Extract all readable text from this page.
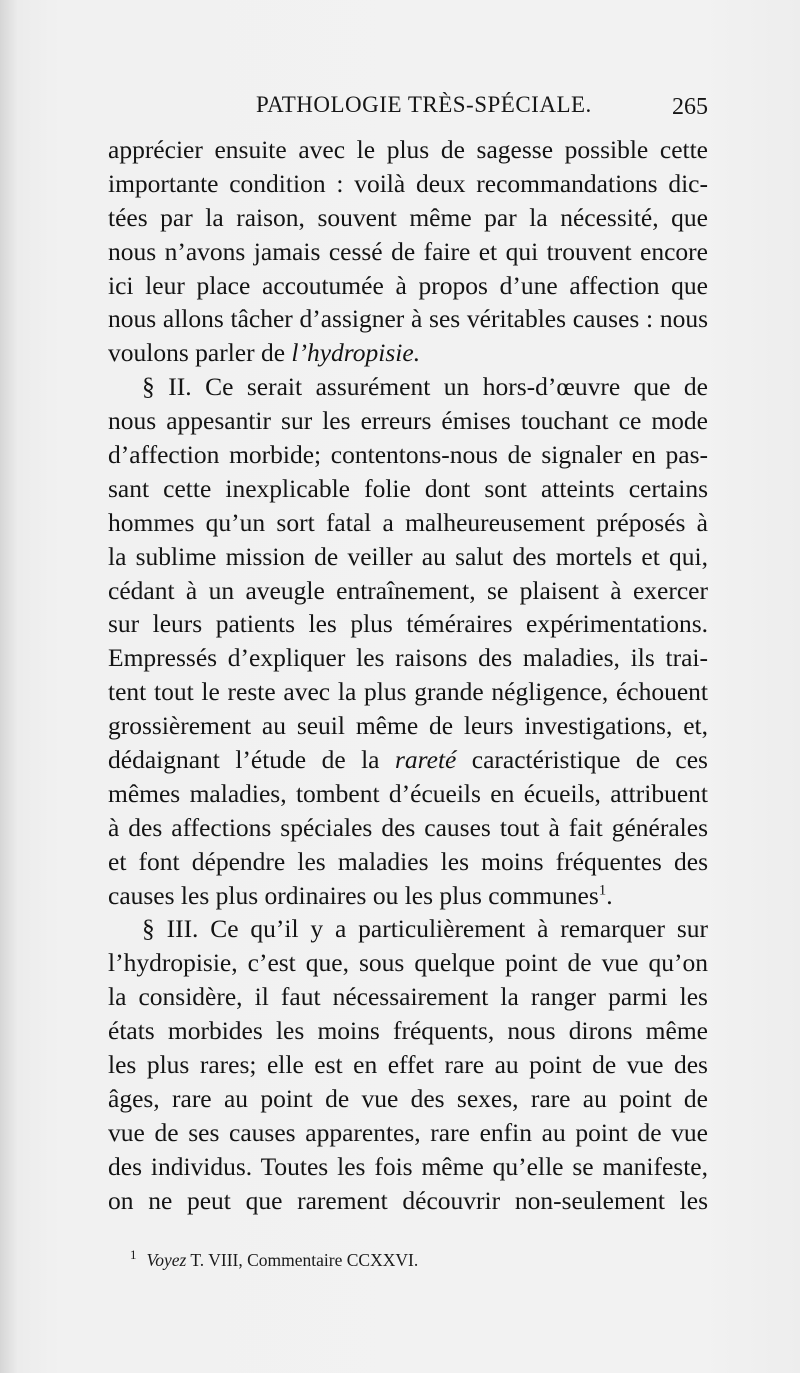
PATHOLOGIE TRÈS-SPÉCIALE.	265
apprécier ensuite avec le plus de sagesse possible cette
importante condition : voilà deux recommandations dic-
tées par la raison, souvent même par la nécessité, que
nous n’avons jamais cessé de faire et qui trouvent encore
ici leur place accoutumée à propos d’une affection que
nous allons tâcher d’assigner à ses véritables causes : nous
voulons parler de l’hydropisie.
§ II. Ce serait assurément un hors-d’œuvre que de
nous appesantir sur les erreurs émises touchant ce mode
d’affection morbide; contentons-nous de signaler en pas-
sant cette inexplicable folie dont sont atteints certains
hommes qu’un sort fatal a malheureusement préposés à
la sublime mission de veiller au salut des mortels et qui,
cédant à un aveugle entraînement, se plaisent à exercer
sur leurs patients les plus téméraires expérimentations.
Empressés d’expliquer les raisons des maladies, ils trai-
tent tout le reste avec la plus grande négligence, échouent
grossièrement au seuil même de leurs investigations, et,
dédaignant l’étude de la rareté caractéristique de ces
mêmes maladies, tombent d’écueils en écueils, attribuent
à des affections spéciales des causes tout à fait générales
et font dépendre les maladies les moins fréquentes des
causes les plus ordinaires ou les plus communes$^1$.
§ III. Ce qu’il y a particulièrement à remarquer sur
l’hydropisie, c’est que, sous quelque point de vue qu’on
la considère, il faut nécessairement la ranger parmi les
états morbides les moins fréquents, nous dirons même
les plus rares; elle est en effet rare au point de vue des
âges, rare au point de vue des sexes, rare au point de
vue de ses causes apparentes, rare enfin au point de vue
des individus. Toutes les fois même qu’elle se manifeste,
on ne peut que rarement découvrir non-seulement les
$^1$ Voyez T. VIII, Commentaire CCXXVI.
